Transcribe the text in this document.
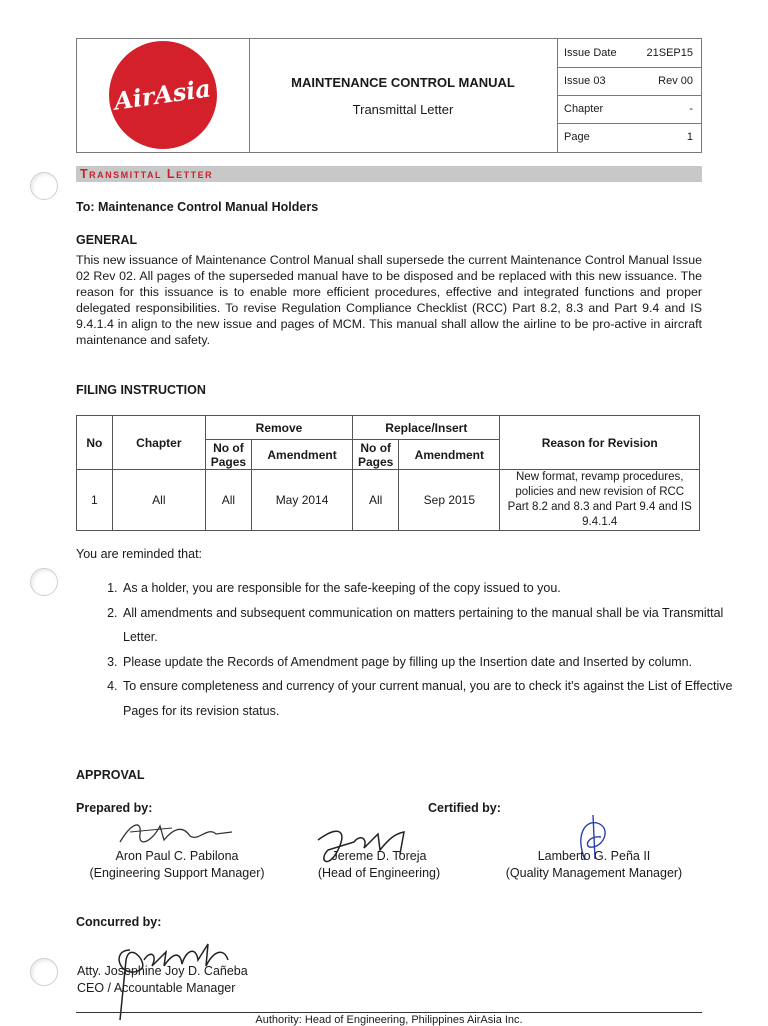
AirAsia	MAINTENANCE CONTROL MANUAL
Transmittal Letter
Issue Date	21SEP15
Issue 03	Rev 00
Chapter	-
Page	1
Transmittal Letter
To: Maintenance Control Manual Holders
GENERAL
This new issuance of Maintenance Control Manual shall supersede the current Maintenance Control Manual Issue 02 Rev 02. All pages of the superseded manual have to be disposed and be replaced with this new issuance. The reason for this issuance is to enable more efficient procedures, effective and integrated functions and proper delegated responsibilities. To revise Regulation Compliance Checklist (RCC) Part 8.2, 8.3 and Part 9.4 and IS 9.4.1.4 in align to the new issue and pages of MCM. This manual shall allow the airline to be pro-active in aircraft maintenance and safety.
FILING INSTRUCTION
No	Chapter	Remove		Replace/Insert		Reason for Revision
		No of Pages	Amendment	No of Pages	Amendment	
1	All	All	May 2014	All	Sep 2015	New format, revamp procedures, policies and new revision of RCC Part 8.2 and 8.3 and Part 9.4 and IS 9.4.1.4
You are reminded that:
1. As a holder, you are responsible for the safe-keeping of the copy issued to you.
2. All amendments and subsequent communication on matters pertaining to the manual shall be via Transmittal Letter.
3. Please update the Records of Amendment page by filling up the Insertion date and Inserted by column.
4. To ensure completeness and currency of your current manual, you are to check it's against the List of Effective Pages for its revision status.
APPROVAL
Prepared by:	Certified by:
Aron Paul C. Pabilona
(Engineering Support Manager)
Jereme D. Toreja
(Head of Engineering)
Lamberto G. Peña II
(Quality Management Manager)
Concurred by:
Atty. Josephine Joy D. Cañeba
CEO / Accountable Manager
Authority: Head of Engineering, Philippines AirAsia Inc.
